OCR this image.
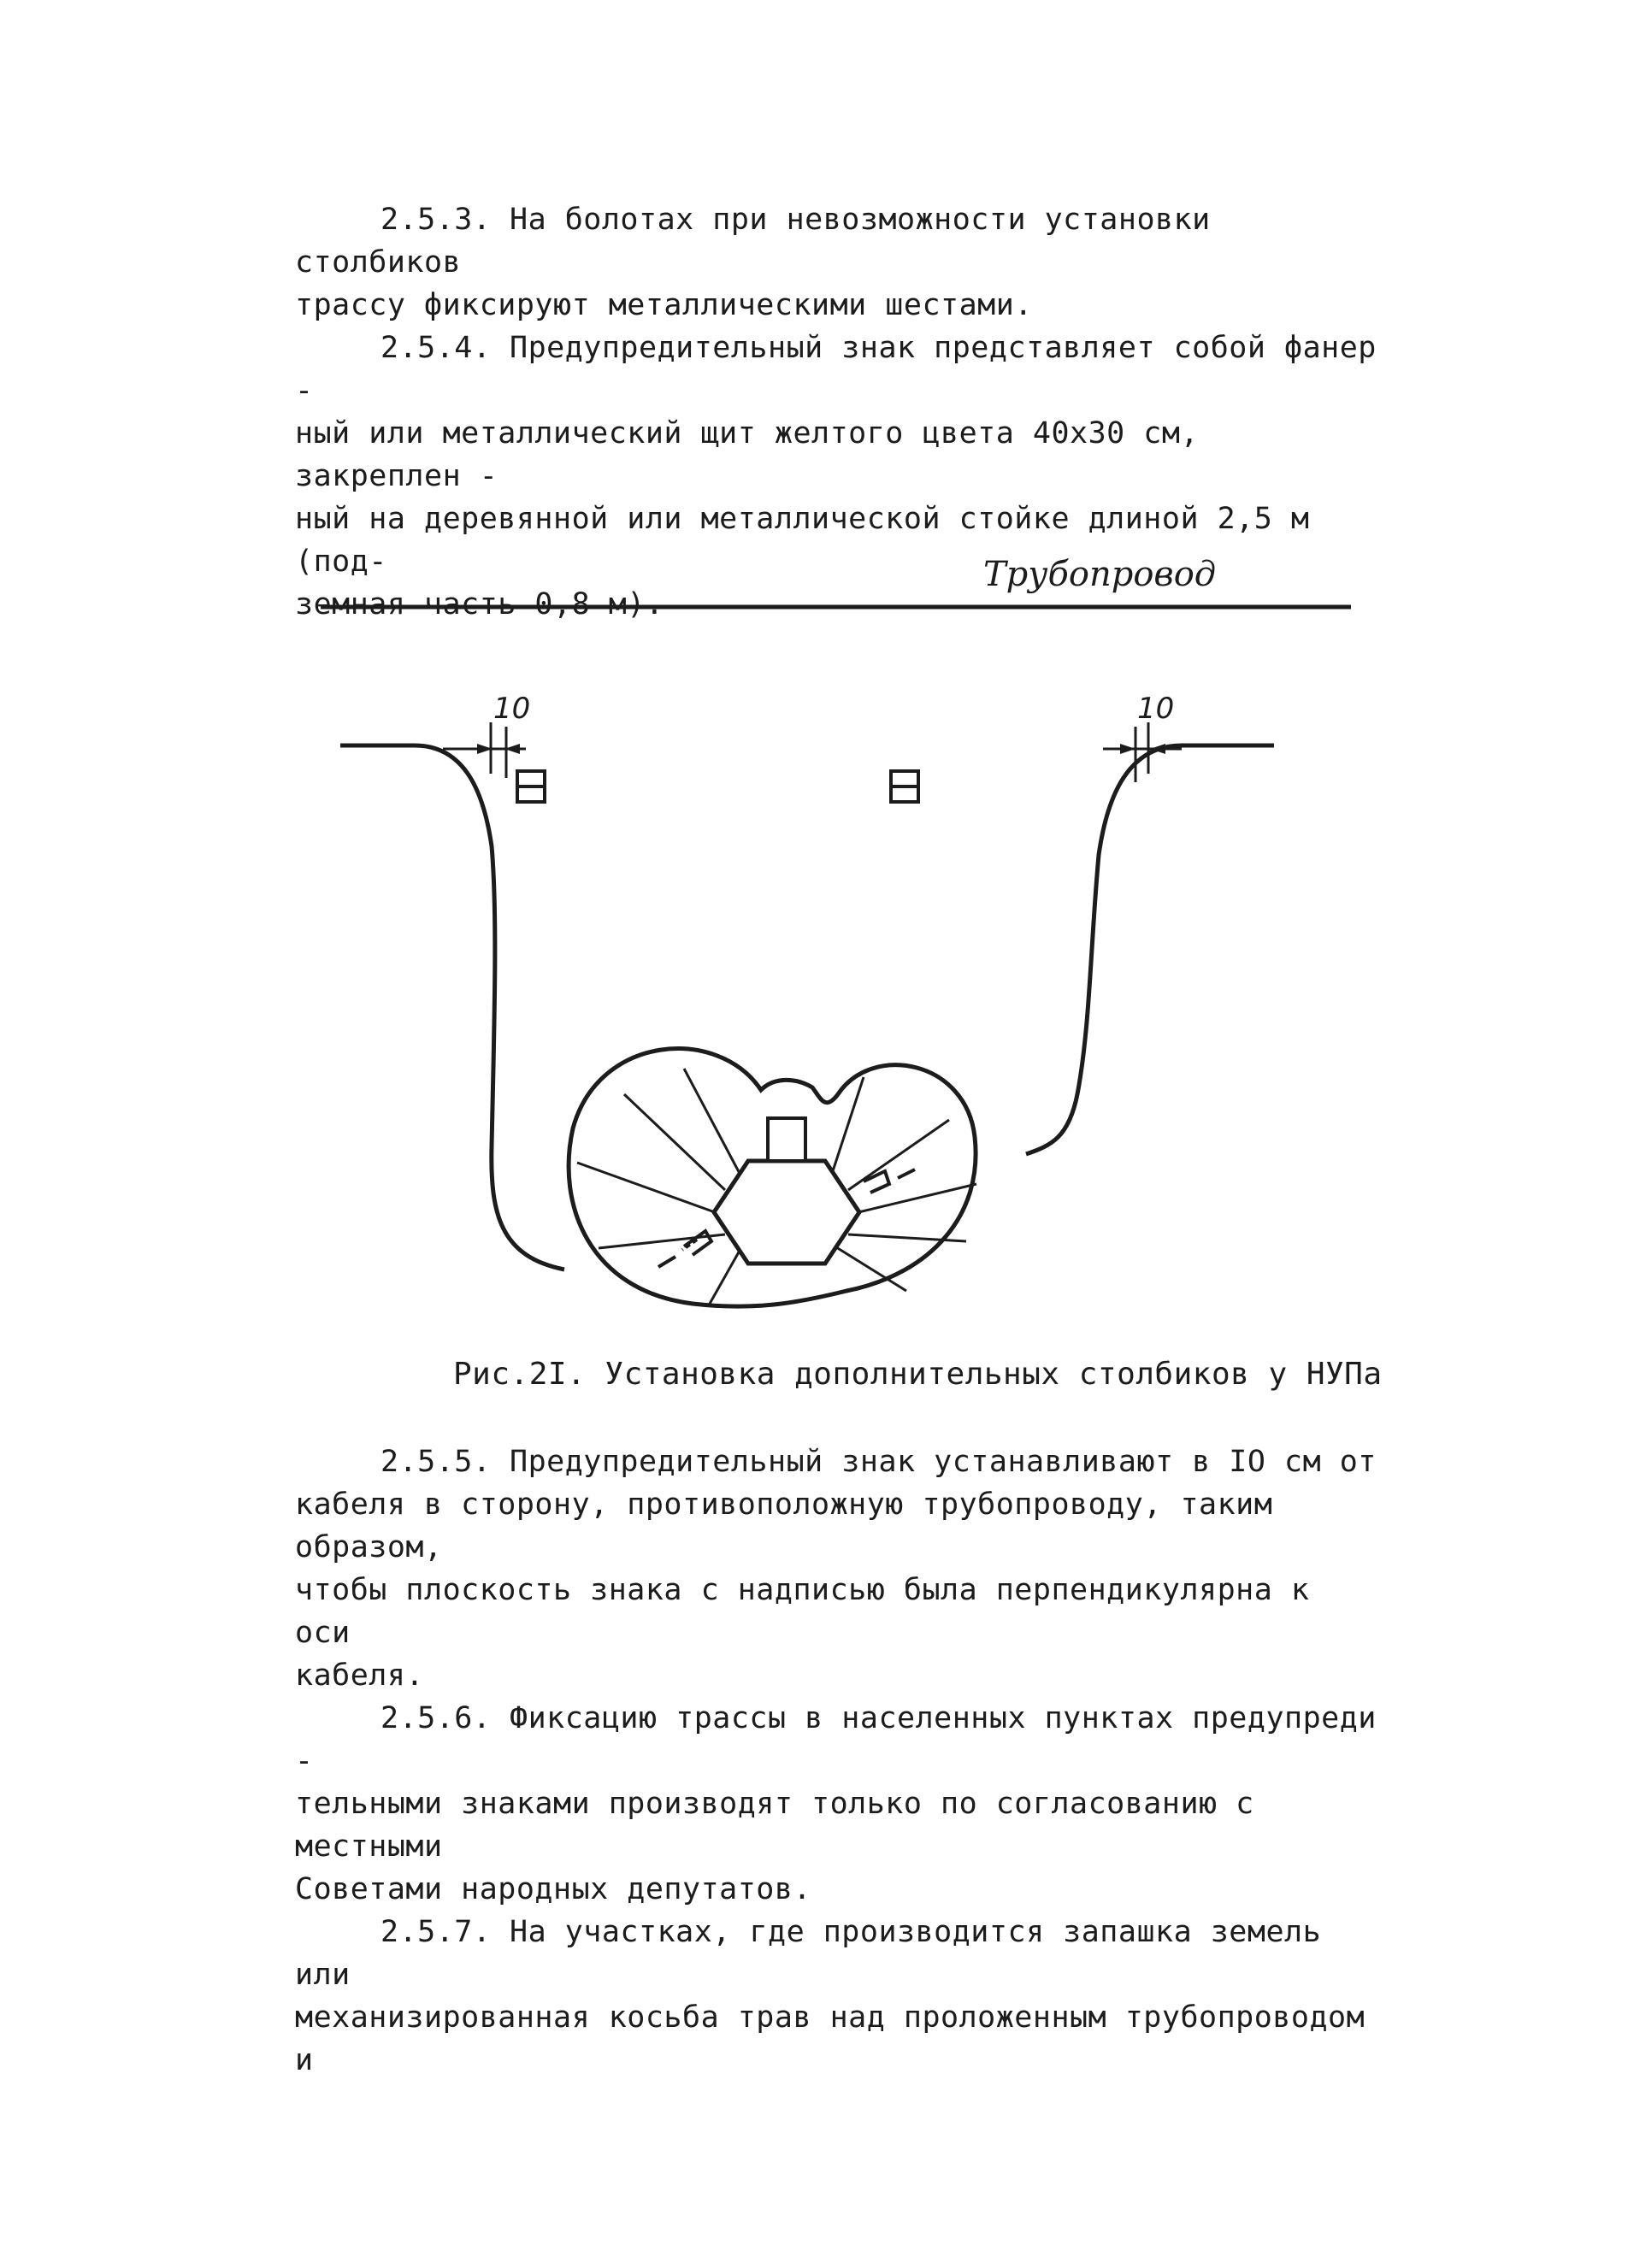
2.5.3. На болотах при невозможности установки столбиков
трассу фиксируют металлическими шестами.

2.5.4. Предупредительный знак представляет собой фанер -
ный или металлический щит желтого цвета 40х30 см, закреплен -
ный на деревянной или металлической стойке длиной 2,5 м (под-
земная часть 0,8 м).

Трубопровод
10	10

Рис.2I. Установка дополнительных столбиков у НУПа

2.5.5. Предупредительный знак устанавливают в IO см от
кабеля в сторону, противоположную трубопроводу, таким образом,
чтобы плоскость знака с надписью была перпендикулярна к оси
кабеля.

2.5.6. Фиксацию трассы в населенных пунктах предупреди -
тельными знаками производят только по согласованию с местными
Советами народных депутатов.

2.5.7. На участках, где производится запашка земель или
механизированная косьба трав над проложенным трубопроводом и
